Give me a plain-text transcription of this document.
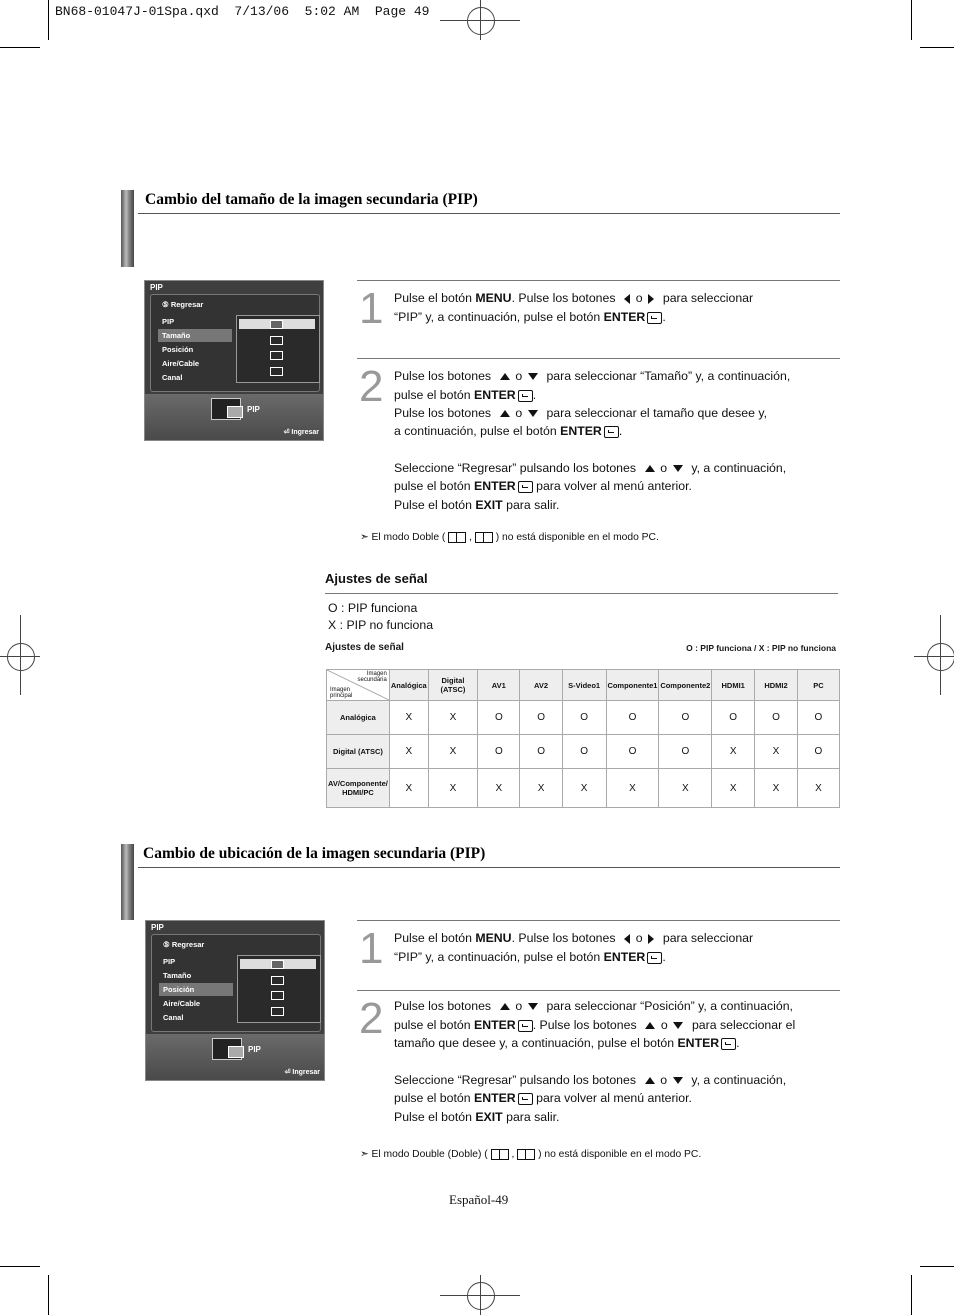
BN68-01047J-01Spa.qxd  7/13/06  5:02 AM  Page 49
Cambio del tamaño de la imagen secundaria (PIP)
PIP
⑤ Regresar
PIP
Tamaño
Posición
Aire/Cable
Canal
PIP
⏎ Ingresar
1 Pulse el botón MENU. Pulse los botones o para seleccionar
“PIP” y, a continuación, pulse el botón ENTER .
2 Pulse los botones o para seleccionar “Tamaño” y, a continuación,
pulse el botón ENTER .
Pulse los botones o para seleccionar el tamaño que desee y,
a continuación, pulse el botón ENTER .
Seleccione “Regresar” pulsando los botones o y, a continuación,
pulse el botón ENTER para volver al menú anterior.
Pulse el botón EXIT para salir.
➣ El modo Doble ( , ) no está disponible en el modo PC.
Ajustes de señal
O : PIP funciona
X : PIP no funciona
Ajustes de señal	O : PIP funciona / X : PIP no funciona
Imagen secundaria
Imagen principal	Analógica	Digital (ATSC)	AV1	AV2	S-Video1	Componente1	Componente2	HDMI1	HDMI2	PC
Analógica	X	X	O	O	O	O	O	O	O	O
Digital (ATSC)	X	X	O	O	O	O	O	X	X	O
AV/Componente/ HDMI/PC	X	X	X	X	X	X	X	X	X	X
Cambio de ubicación de la imagen secundaria (PIP)
PIP
⑤ Regresar
PIP
Tamaño
Posición
Aire/Cable
Canal
PIP
⏎ Ingresar
1 Pulse el botón MENU. Pulse los botones o para seleccionar
“PIP” y, a continuación, pulse el botón ENTER .
2 Pulse los botones o para seleccionar “Posición” y, a continuación,
pulse el botón ENTER . Pulse los botones o para seleccionar el
tamaño que desee y, a continuación, pulse el botón ENTER .
Seleccione “Regresar” pulsando los botones o y, a continuación,
pulse el botón ENTER para volver al menú anterior.
Pulse el botón EXIT para salir.
➣ El modo Double (Doble) ( , ) no está disponible en el modo PC.
Español-49
